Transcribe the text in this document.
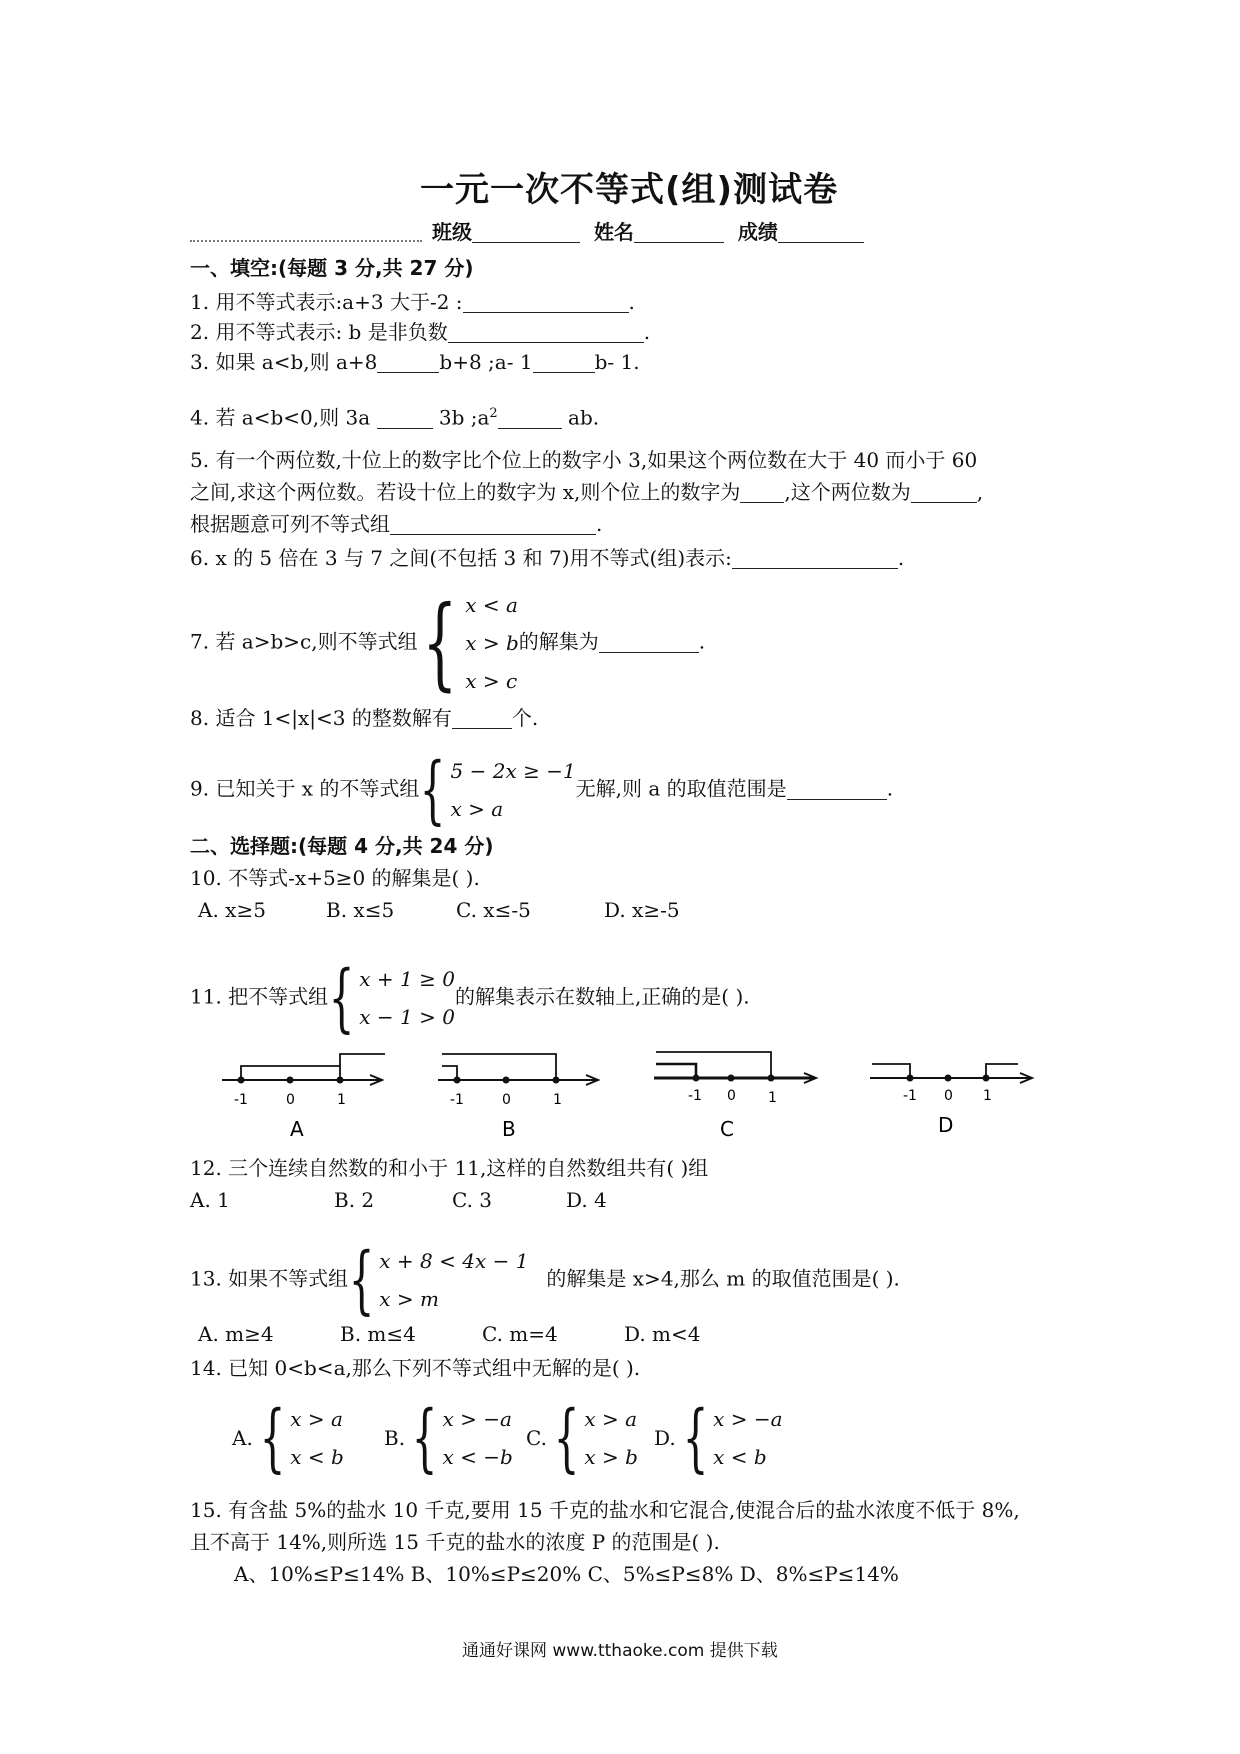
一元一次不等式(组)测试卷
班级	姓名	成绩
一、填空:(每题 3 分,共 27 分)
1. 用不等式表示:a+3 大于-2 :	.
2. 用不等式表示: b 是非负数	.
3. 如果 a<b,则 a+8	b+8 ;a- 1	b- 1.
4. 若 a<b<0,则 3a	3b $;a^2$	ab.
5. 有一个两位数,十位上的数字比个位上的数字小 3,如果这个两位数在大于 40 而小于 60
之间,求这个两位数。若设十位上的数字为 x,则个位上的数字为 ,这个两位数为	,
根据题意可列不等式组	.
6. x 的 5 倍在 3 与 7 之间(不包括 3 和 7)用不等式(组)表示:	.
7. 若 a>b>c,则不等式组 { x < a
x > b
x > c
的解集为	.
8. 适合 1<|x|<3 的整数解有	个.
9. 已知关于 x 的不等式组 { 5 − 2x ≥ −1
x > a
无解,则 a 的取值范围是	.
二、选择题:(每题 4 分,共 24 分)
10. 不等式-x+5≥0 的解集是( ).
A. x≥5	B. x≤5	C. x≤-5	D. x≥-5
11. 把不等式组 { x + 1 ≥ 0
x − 1 > 0
的解集表示在数轴上,正确的是( ).
-1	0	1
A
-1	0	1
B
-1 0 1
C
-1 0 1
D
12. 三个连续自然数的和小于 11,这样的自然数组共有( )组
A. 1	B. 2	C. 3	D. 4
13. 如果不等式组 { x + 8 < 4x − 1
x > m
的解集是 x>4,那么 m 的取值范围是( ).
A. m≥4	B. m≤4	C. m=4	D. m<4
14. 已知 0<b<a,那么下列不等式组中无解的是( ).
A.
{ x > a
x < b
B.
{ x > −a
x < −b
C.
{ x > a
x > b
D.
{ x > −a
x < b
15. 有含盐 5%的盐水 10 千克,要用 15 千克的盐水和它混合,使混合后的盐水浓度不低于 8%,
且不高于 14%,则所选 15 千克的盐水的浓度 P 的范围是( ).
A、10%≤P≤14% B、10%≤P≤20% C、5%≤P≤8% D、8%≤P≤14%
通通好课网 www.tthaoke.com 提供下载
